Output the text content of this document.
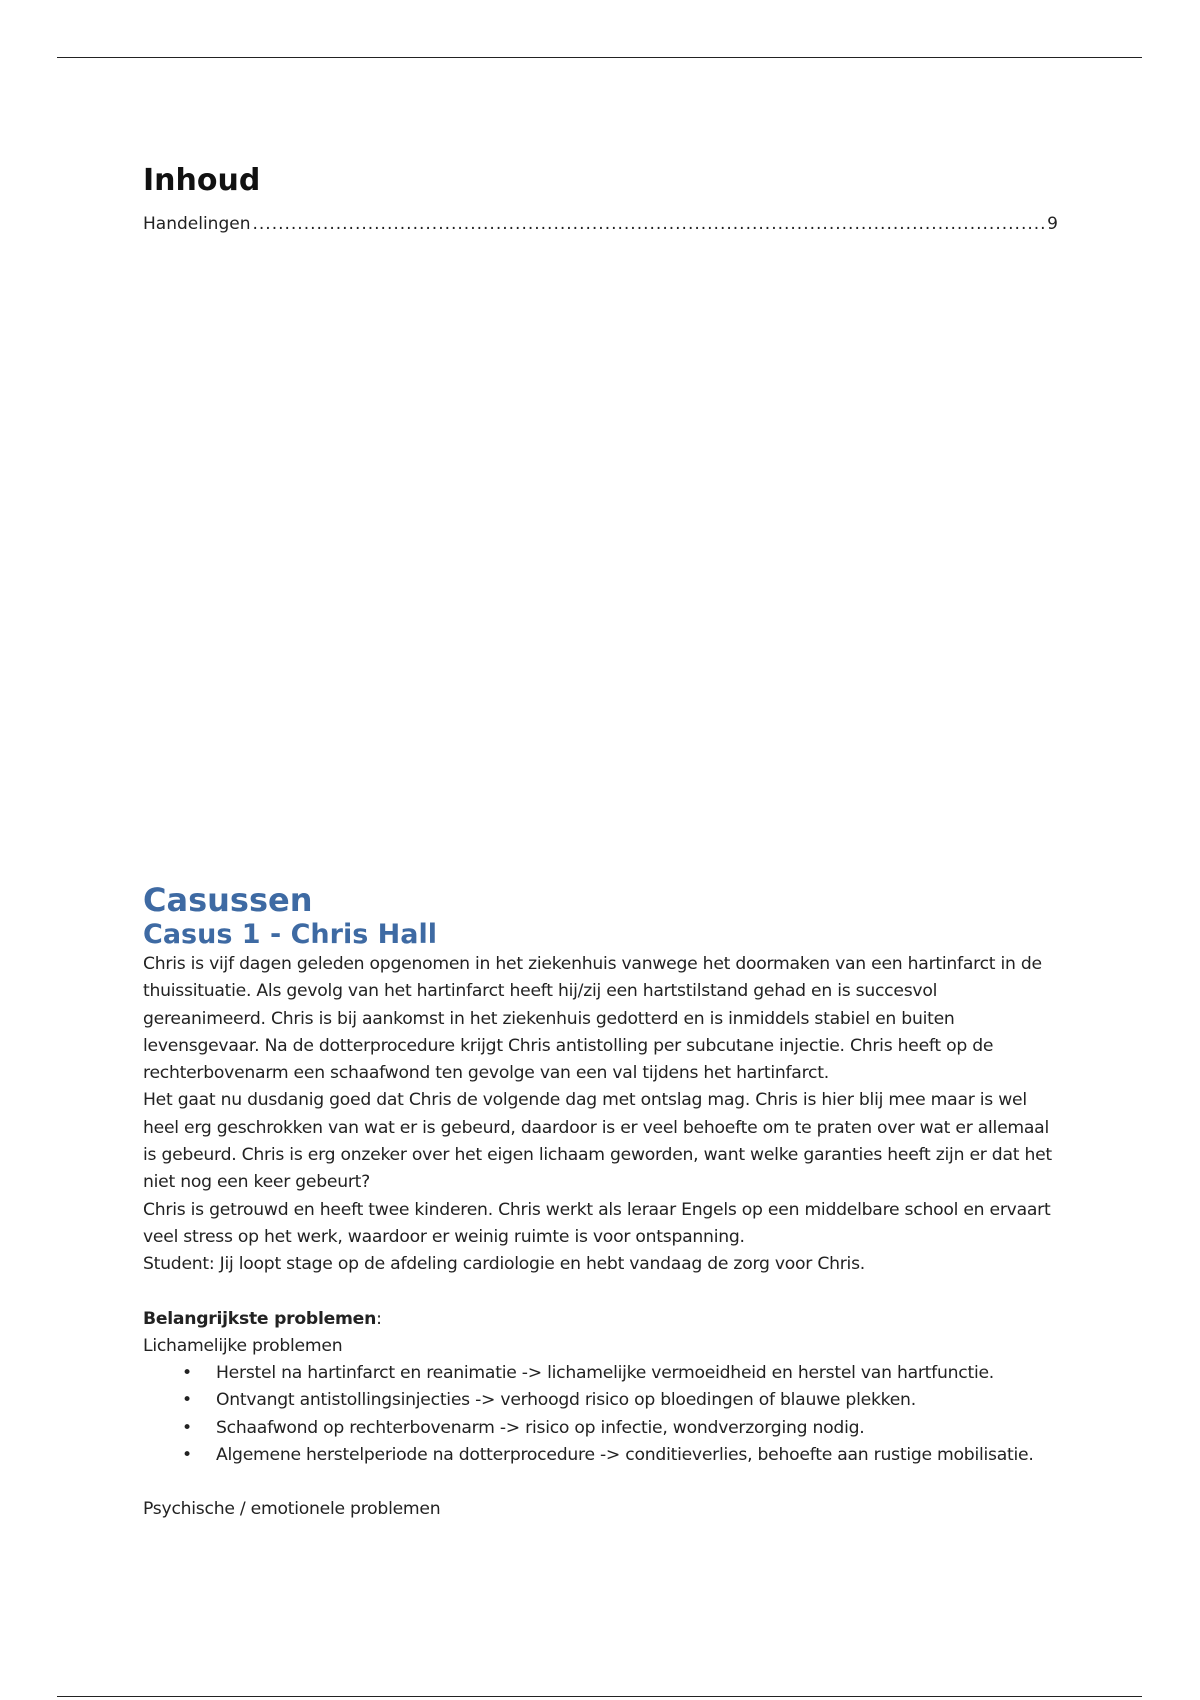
Inhoud
Handelingen
.....	9
Casussen
Casus 1 - Chris Hall

Chris is vijf dagen geleden opgenomen in het ziekenhuis vanwege het doormaken van een hartinfarct in de thuissituatie. Als gevolg van het hartinfarct heeft hij/zij een hartstilstand gehad en is succesvol gereanimeerd. Chris is bij aankomst in het ziekenhuis gedotterd en is inmiddels stabiel en buiten levensgevaar. Na de dotterprocedure krijgt Chris antistolling per subcutane injectie. Chris heeft op de rechterbovenarm een schaafwond ten gevolge van een val tijdens het hartinfarct.

Het gaat nu dusdanig goed dat Chris de volgende dag met ontslag mag. Chris is hier blij mee maar is wel heel erg geschrokken van wat er is gebeurd, daardoor is er veel behoefte om te praten over wat er allemaal is gebeurd. Chris is erg onzeker over het eigen lichaam geworden, want welke garanties heeft zijn er dat het niet nog een keer gebeurt?

Chris is getrouwd en heeft twee kinderen. Chris werkt als leraar Engels op een middelbare school en ervaart veel stress op het werk, waardoor er weinig ruimte is voor ontspanning.

Student: Jij loopt stage op de afdeling cardiologie en hebt vandaag de zorg voor Chris.

Belangrijkste problemen:

Lichamelijke problemen

• Herstel na hartinfarct en reanimatie -> lichamelijke vermoeidheid en herstel van hartfunctie.
• Ontvangt antistollingsinjecties -> verhoogd risico op bloedingen of blauwe plekken.
• Schaafwond op rechterbovenarm -> risico op infectie, wondverzorging nodig.
• Algemene herstelperiode na dotterprocedure -> conditieverlies, behoefte aan rustige mobilisatie.

Psychische / emotionele problemen
